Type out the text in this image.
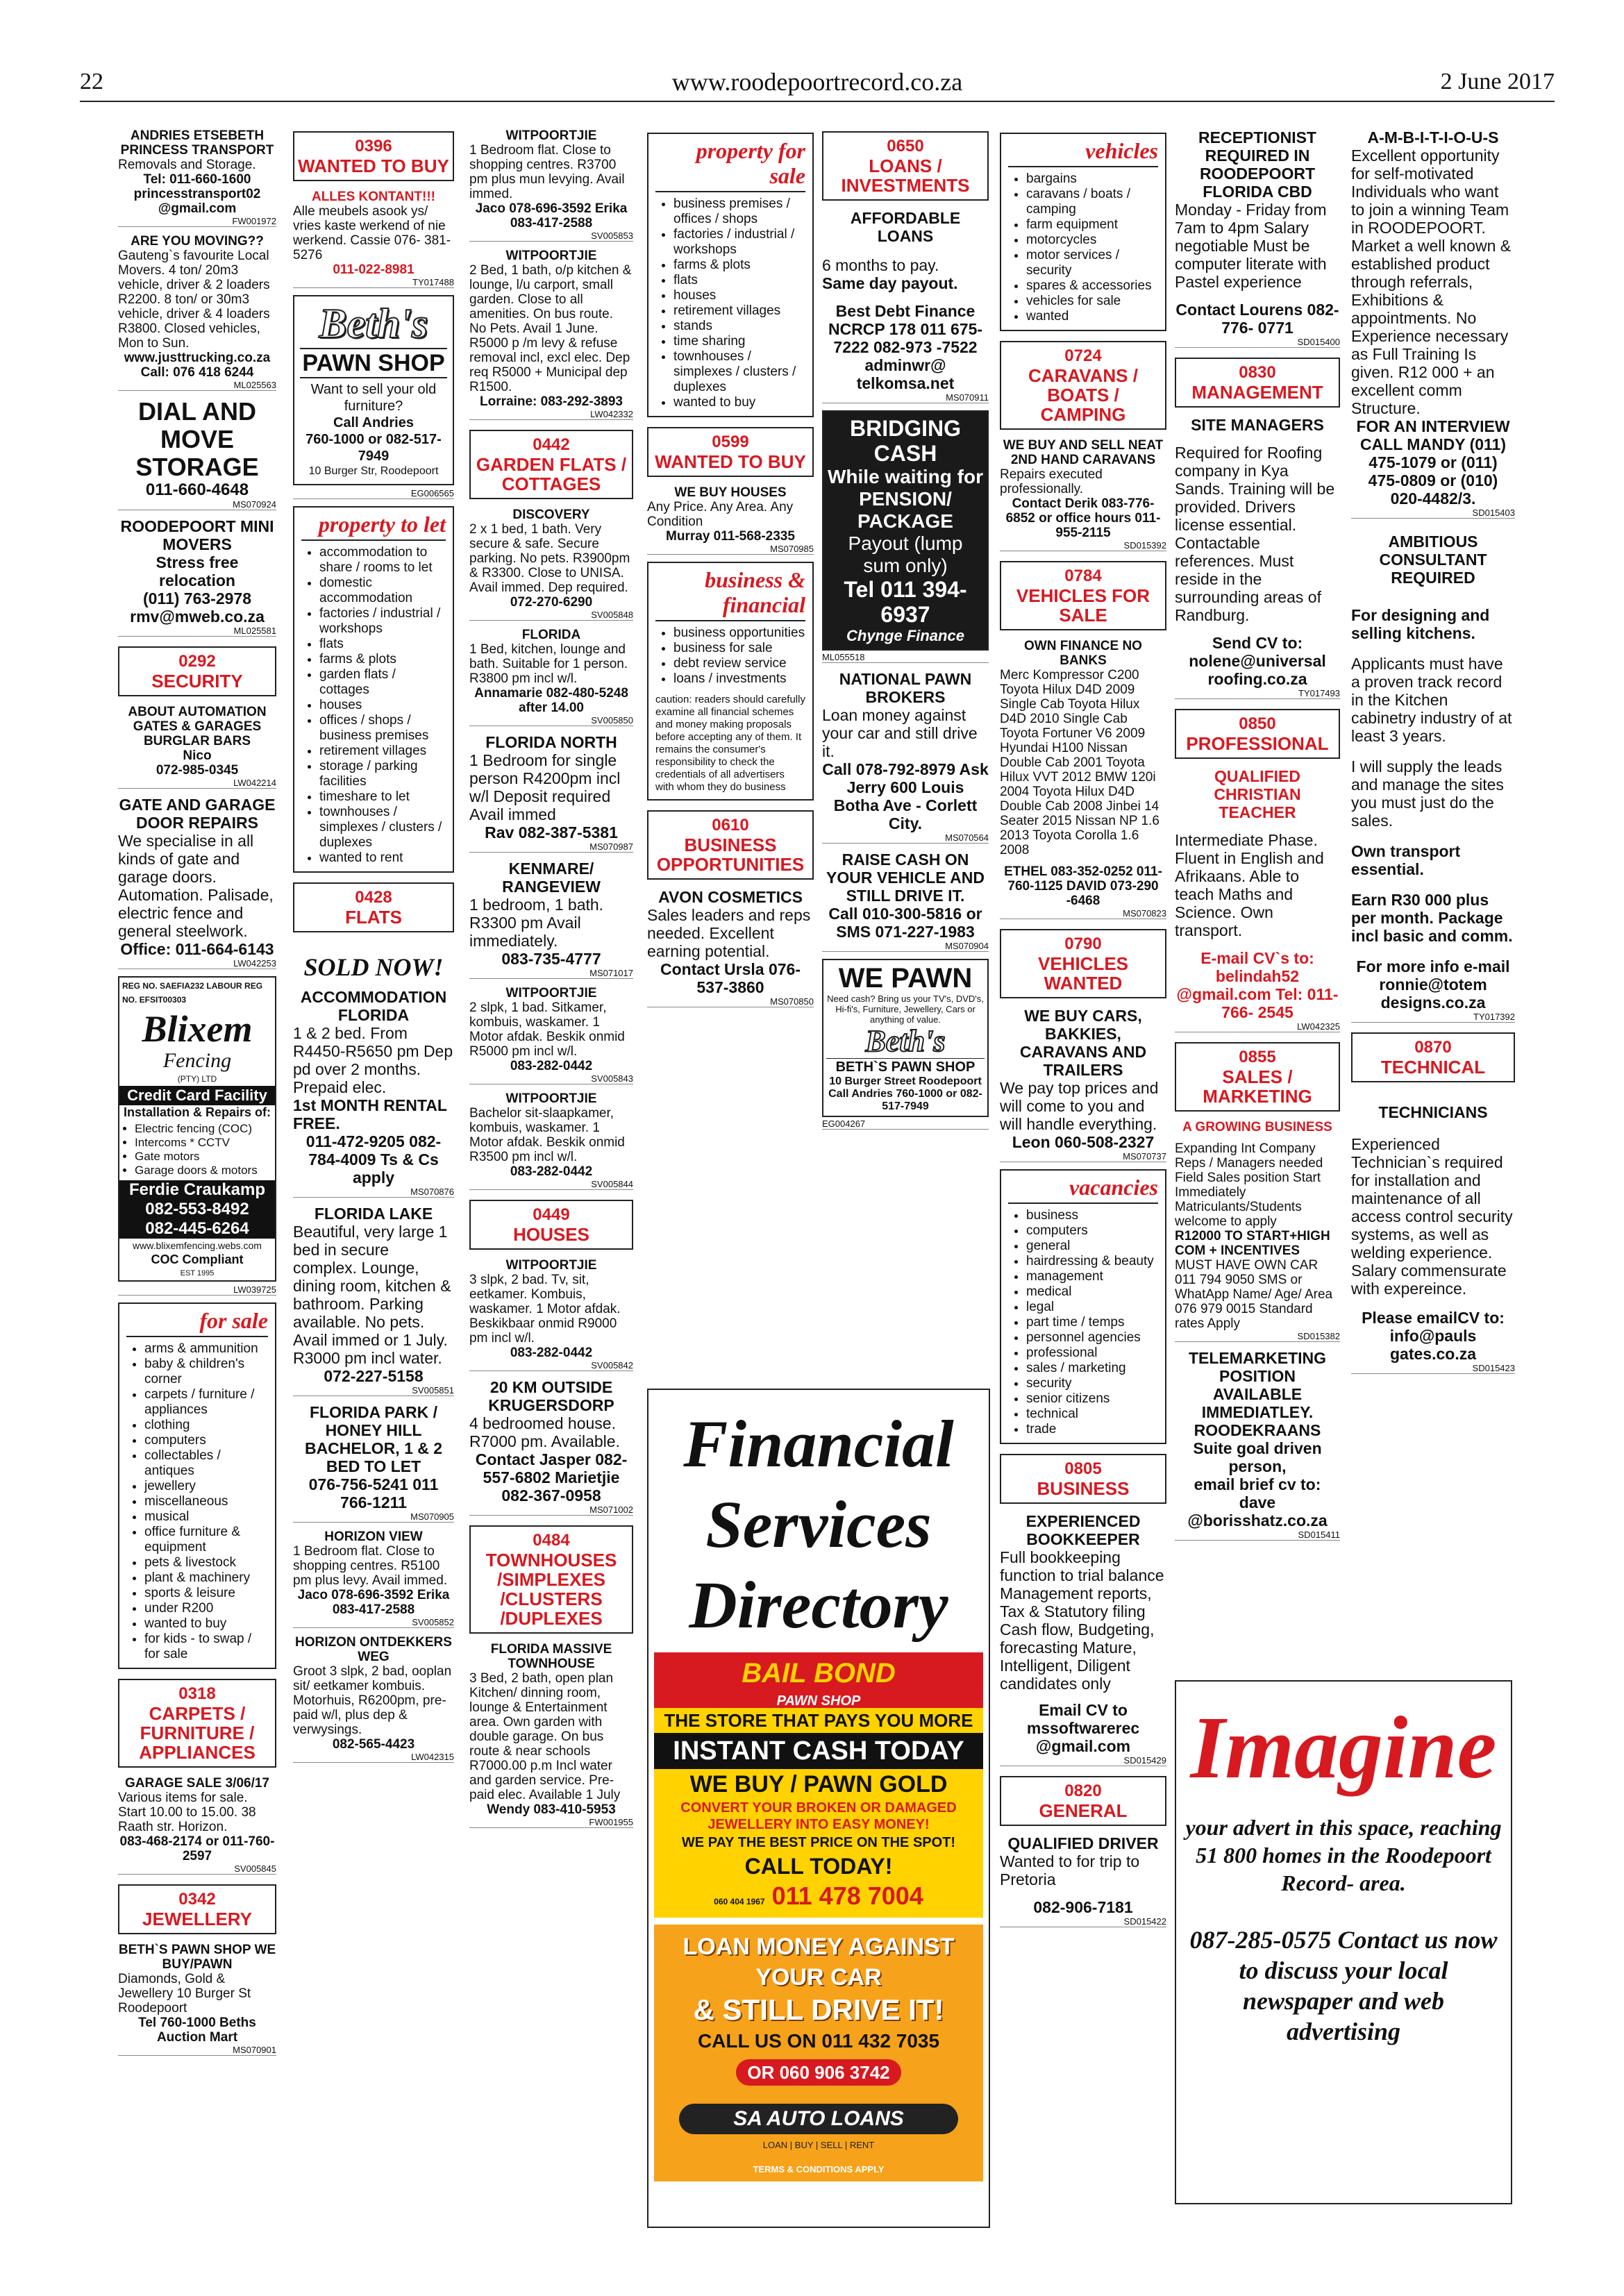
22	www.roodepoortrecord.co.za	2 June 2017
ANDRIES ETSEBETH PRINCESS TRANSPORT
Removals and Storage.
Tel: 011-660-1600 princesstransport02 @gmail.com
FW001972
ARE YOU MOVING??
Gauteng`s favourite Local Movers. 4 ton/ 20m3 vehicle, driver & 2 loaders R2200. 8 ton/ or 30m3 vehicle, driver & 4 loaders R3800. Closed vehicles, Mon to Sun.
www.justtrucking.co.za Call: 076 418 6244
ML025563
DIAL AND MOVE STORAGE
011-660-4648
MS070924
ROODEPOORT MINI MOVERS
Stress free relocation
(011) 763-2978 rmv@mweb.co.za
ML025581
0292
SECURITY
ABOUT AUTOMATION GATES & GARAGES BURGLAR BARS
Nico
072-985-0345
LW042214
GATE AND GARAGE DOOR REPAIRS
We specialise in all kinds of gate and garage doors. Automation. Palisade, electric fence and general steelwork.
Office: 011-664-6143
LW042253
REG NO. SAEFIA232 LABOUR REG NO. EFSIT00303
Blixem
Fencing
(PTY) LTD
Credit Card Facility
Installation & Repairs of:
• Electric fencing (COC)
• Intercoms * CCTV
• Gate motors
• Garage doors & motors
Ferdie Craukamp
082-553-8492
082-445-6264
www.blixemfencing.webs.com
COC Compliant
EST 1995
LW039725
for sale
• arms & ammunition
• baby & children's corner
• carpets / furniture / appliances
• clothing
• computers
• collectables / antiques
• jewellery
• miscellaneous
• musical
• office furniture & equipment
• pets & livestock
• plant & machinery
• sports & leisure
• under R200
• wanted to buy
• for kids - to swap / for sale
0318
CARPETS / FURNITURE / APPLIANCES
GARAGE SALE 3/06/17
Various items for sale. Start 10.00 to 15.00. 38 Raath str. Horizon.
083-468-2174 or 011-760-2597
SV005845
0342
JEWELLERY
BETH`S PAWN SHOP WE BUY/PAWN
Diamonds, Gold & Jewellery 10 Burger St Roodepoort
Tel 760-1000 Beths Auction Mart
MS070901
0396
WANTED TO BUY
ALLES KONTANT!!!
Alle meubels asook ys/ vries kaste werkend of nie werkend. Cassie 076- 381-5276
011-022-8981
TY017488
Beth's
PAWN SHOP
Want to sell your old furniture?
Call Andries
760-1000 or 082-517-7949
10 Burger Str, Roodepoort
EG006565
property to let
• accommodation to share / rooms to let
• domestic accommodation
• factories / industrial / workshops
• flats
• farms & plots
• garden flats / cottages
• houses
• offices / shops / business premises
• retirement villages
• storage / parking facilities
• timeshare to let
• townhouses / simplexes / clusters / duplexes
• wanted to rent
0428
FLATS
SOLD NOW!
ACCOMMODATION
FLORIDA
1 & 2 bed. From R4450-R5650 pm Dep pd over 2 months. Prepaid elec.
1st MONTH RENTAL FREE.
011-472-9205 082-784-4009 Ts & Cs apply
MS070876
FLORIDA LAKE
Beautiful, very large 1 bed in secure complex. Lounge, dining room, kitchen & bathroom. Parking available. No pets. Avail immed or 1 July. R3000 pm incl water.
072-227-5158
SV005851
FLORIDA PARK / HONEY HILL
BACHELOR, 1 & 2 BED TO LET
076-756-5241 011 766-1211
MS070905
HORIZON VIEW
1 Bedroom flat. Close to shopping centres. R5100 pm plus levy. Avail immed.
Jaco 078-696-3592 Erika 083-417-2588
SV005852
HORIZON ONTDEKKERS WEG
Groot 3 slpk, 2 bad, ooplan sit/ eetkamer kombuis. Motorhuis, R6200pm, pre-paid w/l, plus dep & verwysings.
082-565-4423
LW042315
WITPOORTJIE
1 Bedroom flat. Close to shopping centres. R3700 pm plus mun levying. Avail immed.
Jaco 078-696-3592 Erika 083-417-2588
SV005853
WITPOORTJIE
2 Bed, 1 bath, o/p kitchen & lounge, l/u carport, small garden. Close to all amenities. On bus route. No Pets. Avail 1 June. R5000 p /m levy & refuse removal incl, excl elec. Dep req R5000 + Municipal dep R1500.
Lorraine: 083-292-3893
LW042332
0442
GARDEN FLATS / COTTAGES
DISCOVERY
2 x 1 bed, 1 bath. Very secure & safe. Secure parking. No pets. R3900pm & R3300. Close to UNISA. Avail immed. Dep required.
072-270-6290
SV005848
FLORIDA
1 Bed, kitchen, lounge and bath. Suitable for 1 person. R3800 pm incl w/l.
Annamarie 082-480-5248 after 14.00
SV005850
FLORIDA NORTH
1 Bedroom for single person R4200pm incl w/l Deposit required Avail immed
Rav 082-387-5381
MS070987
KENMARE/ RANGEVIEW
1 bedroom, 1 bath. R3300 pm Avail immediately.
083-735-4777
MS071017
WITPOORTJIE
2 slpk, 1 bad. Sitkamer, kombuis, waskamer. 1 Motor afdak. Beskik onmid R5000 pm incl w/l.
083-282-0442
SV005843
WITPOORTJIE
Bachelor sit-slaapkamer, kombuis, waskamer. 1 Motor afdak. Beskik onmid R3500 pm incl w/l.
083-282-0442
SV005844
0449
HOUSES
WITPOORTJIE
3 slpk, 2 bad. Tv, sit, eetkamer. Kombuis, waskamer. 1 Motor afdak. Beskikbaar onmid R9000 pm incl w/l.
083-282-0442
SV005842
20 KM OUTSIDE KRUGERSDORP
4 bedroomed house. R7000 pm. Available.
Contact Jasper 082-557-6802 Marietjie 082-367-0958
MS071002
0484
TOWNHOUSES /SIMPLEXES /CLUSTERS /DUPLEXES
FLORIDA MASSIVE TOWNHOUSE
3 Bed, 2 bath, open plan Kitchen/ dinning room, lounge & Entertainment area. Own garden with double garage. On bus route & near schools R7000.00 p.m Incl water and garden service. Pre-paid elec. Available 1 July
Wendy 083-410-5953
FW001955
property for sale
• business premises / offices / shops
• factories / industrial / workshops
• farms & plots
• flats
• houses
• retirement villages
• stands
• time sharing
• townhouses / simplexes / clusters / duplexes
• wanted to buy
0599
WANTED TO BUY
WE BUY HOUSES
Any Price. Any Area. Any Condition
Murray 011-568-2335
MS070985
business & financial
• business opportunities
• business for sale
• debt review service
• loans / investments
caution: readers should carefully examine all financial schemes and money making proposals before accepting any of them. It remains the consumer's responsibility to check the credentials of all advertisers with whom they do business
0610
BUSINESS OPPORTUNITIES
AVON COSMETICS
Sales leaders and reps needed. Excellent earning potential.
Contact Ursla 076-537-3860
MS070850
Financial Services Directory
BAIL BOND
PAWN SHOP
THE STORE THAT PAYS YOU MORE
INSTANT CASH TODAY
WE BUY / PAWN GOLD
CONVERT YOUR BROKEN OR DAMAGED JEWELLERY INTO EASY MONEY!
WE PAY THE BEST PRICE ON THE SPOT!
CALL TODAY!
060 404 1967 011 478 7004
LOAN MONEY AGAINST YOUR CAR
& STILL DRIVE IT!
CALL US ON 011 432 7035
OR 060 906 3742
SA AUTO LOANS
LOAN | BUY | SELL | RENT
TERMS & CONDITIONS APPLY
0650
LOANS / INVESTMENTS
AFFORDABLE LOANS
6 months to pay.
Same day payout.
Best Debt Finance NCRCP 178 011 675-7222 082-973 -7522 adminwr@ telkomsa.net
MS070911
BRIDGING CASH
While waiting for PENSION/ PACKAGE
Payout (lump sum only)
Tel 011 394-6937
Chynge Finance
ML055518
NATIONAL PAWN BROKERS
Loan money against your car and still drive it.
Call 078-792-8979 Ask Jerry 600 Louis Botha Ave - Corlett City.
MS070564
RAISE CASH ON YOUR VEHICLE AND STILL DRIVE IT.
Call 010-300-5816 or SMS 071-227-1983
MS070904
WE PAWN
Need cash? Bring us your TV's, DVD's, Hi-fi's, Furniture, Jewellery, Cars or anything of value.
Beth's
BETH`S PAWN SHOP
10 Burger Street Roodepoort Call Andries 760-1000 or 082-517-7949
EG004267
vehicles
• bargains
• caravans / boats / camping
• farm equipment
• motorcycles
• motor services / security
• spares & accessories
• vehicles for sale
• wanted
0724
CARAVANS / BOATS / CAMPING
WE BUY AND SELL NEAT 2ND HAND CARAVANS
Repairs executed professionally.
Contact Derik 083-776-6852 or office hours 011-955-2115
SD015392
0784
VEHICLES FOR SALE
OWN FINANCE NO BANKS
Merc Kompressor C200 Toyota Hilux D4D 2009 Single Cab Toyota Hilux D4D 2010 Single Cab Toyota Fortuner V6 2009 Hyundai H100 Nissan Double Cab 2001 Toyota Hilux VVT 2012 BMW 120i 2004 Toyota Hilux D4D Double Cab 2008 Jinbei 14 Seater 2015 Nissan NP 1.6 2013 Toyota Corolla 1.6 2008
ETHEL 083-352-0252 011-760-1125 DAVID 073-290 -6468
MS070823
0790
VEHICLES WANTED
WE BUY CARS, BAKKIES, CARAVANS AND TRAILERS
We pay top prices and will come to you and will handle everything.
Leon 060-508-2327
MS070737
vacancies
• business
• computers
• general
• hairdressing & beauty
• management
• medical
• legal
• part time / temps
• personnel agencies
• professional
• sales / marketing
• security
• senior citizens
• technical
• trade
0805
BUSINESS
EXPERIENCED BOOKKEEPER
Full bookkeeping function to trial balance Management reports, Tax & Statutory filing Cash flow, Budgeting, forecasting Mature, Intelligent, Diligent candidates only
Email CV to mssoftwarerec @gmail.com
SD015429
0820
GENERAL
QUALIFIED DRIVER
Wanted to for trip to Pretoria
082-906-7181
SD015422
RECEPTIONIST REQUIRED IN ROODEPOORT FLORIDA CBD
Monday - Friday from 7am to 4pm Salary negotiable Must be computer literate with Pastel experience
Contact Lourens 082- 776- 0771
SD015400
0830
MANAGEMENT
SITE MANAGERS
Required for Roofing company in Kya Sands. Training will be provided. Drivers license essential. Contactable references. Must reside in the surrounding areas of Randburg.
Send CV to: nolene@universal roofing.co.za
TY017493
0850
PROFESSIONAL
QUALIFIED CHRISTIAN TEACHER
Intermediate Phase. Fluent in English and Afrikaans. Able to teach Maths and Science. Own transport.
E-mail CV`s to: belindah52 @gmail.com Tel: 011-766- 2545
LW042325
0855
SALES / MARKETING
A GROWING BUSINESS
Expanding Int Company Reps / Managers needed Field Sales position Start Immediately Matriculants/Students welcome to apply
R12000 TO START+HIGH COM + INCENTIVES
MUST HAVE OWN CAR 011 794 9050 SMS or WhatApp Name/ Age/ Area 076 979 0015 Standard rates Apply
SD015382
TELEMARKETING POSITION AVAILABLE IMMEDIATLEY. ROODEKRAANS
Suite goal driven person,
email brief cv to: dave @borisshatz.co.za
SD015411
A-M-B-I-T-I-O-U-S
Excellent opportunity for self-motivated Individuals who want to join a winning Team in ROODEPOORT. Market a well known & established product through referrals, Exhibitions & appointments. No Experience necessary as Full Training Is given. R12 000 + an excellent comm Structure.
FOR AN INTERVIEW CALL MANDY (011) 475-1079 or (011) 475-0809 or (010) 020-4482/3.
SD015403
AMBITIOUS CONSULTANT REQUIRED
For designing and selling kitchens.
Applicants must have a proven track record in the Kitchen cabinetry industry of at least 3 years.
I will supply the leads and manage the sites you must just do the sales.
Own transport essential.
Earn R30 000 plus per month. Package incl basic and comm.
For more info e-mail ronnie@totem designs.co.za
TY017392
0870
TECHNICAL
TECHNICIANS
Experienced Technician`s required for installation and maintenance of all access control security systems, as well as welding experience. Salary commensurate with expereince.
Please emailCV to: info@pauls gates.co.za
SD015423
Imagine
your advert in this space, reaching 51 800 homes in the Roodepoort Record- area.
087-285-0575 Contact us now to discuss your local newspaper and web advertising
